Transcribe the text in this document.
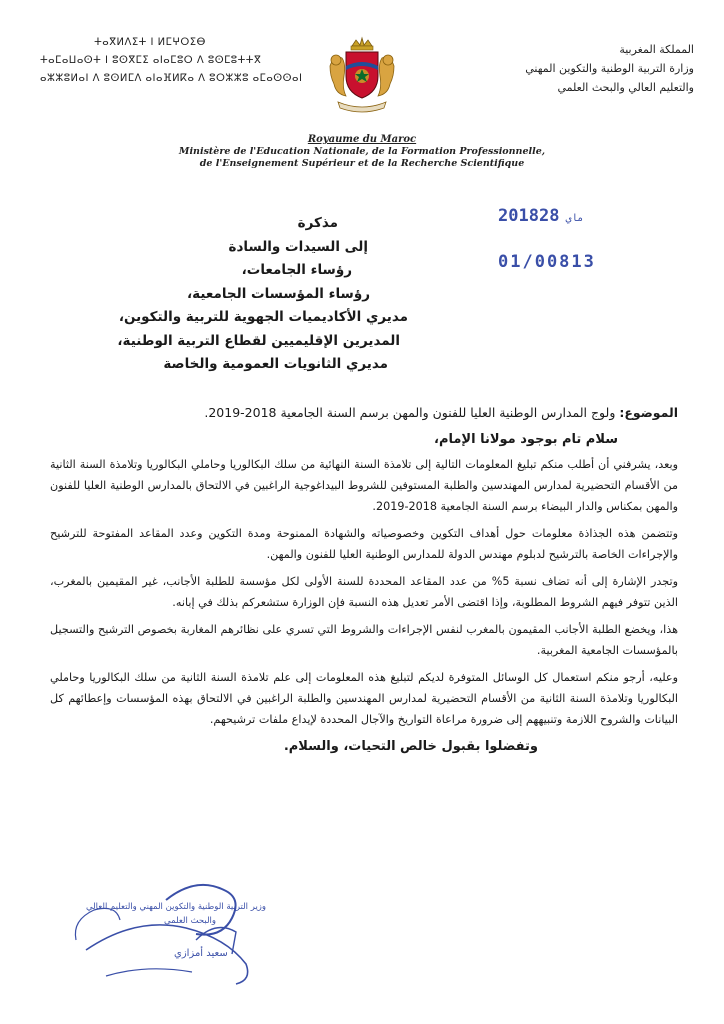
المملكة المغربية
وزارة التربية الوطنية والتكوين المهني
والتعليم العالي والبحث العلمي
ⵜⴰⴳⵍⴷⵉⵜ ⵏ ⵍⵎⵖⵔⵉⴱ
ⵜⴰⵎⴰⵡⴰⵙⵜ ⵏ ⵓⵙⴳⵎⵉ ⴰⵏⴰⵎⵓⵔ ⴷ ⵓⵙⵎⵓⵜⵜⴳ
ⴰⵣⵣⵓⵍⴰⵏ ⴷ ⵓⵙⵍⵎⴷ ⴰⵏⴰⴼⵍⴽⴰ ⴷ ⵓⵔⵣⵣⵓ ⴰⵎⴰⵙⵙⴰⵏ
Royaume du Maroc
Ministère de l'Education Nationale, de la Formation Professionnelle,
de l'Enseignement Supérieur et de la Recherche Scientifique
2018	ماي28
01/00813
مذكرة
إلى السيدات والسادة
رؤساء الجامعات،
رؤساء المؤسسات الجامعية،
مديري الأكاديميات الجهوية للتربية والتكوين،
المديرين الإقليميين لقطاع التربية الوطنية،
مديري الثانويات العمومية والخاصة
الموضوع: ولوج المدارس الوطنية العليا للفنون والمهن برسم السنة الجامعية 2018-2019.
سلام تام بوجود مولانا الإمام،

وبعد، يشرفني أن أطلب منكم تبليغ المعلومات التالية إلى تلامذة السنة النهائية من سلك البكالوريا وحاملي البكالوريا وتلامذة السنة الثانية من الأقسام التحضيرية لمدارس المهندسين والطلبة المستوفين للشروط البيداغوجية الراغبين في الالتحاق بالمدارس الوطنية العليا للفنون والمهن بمكناس والدار البيضاء برسم السنة الجامعية 2018-2019.

وتتضمن هذه الجذاذة معلومات حول أهداف التكوين وخصوصياته والشهادة الممنوحة ومدة التكوين وعدد المقاعد المفتوحة للترشيح والإجراءات الخاصة بالترشيح لدبلوم مهندس الدولة للمدارس الوطنية العليا للفنون والمهن.

وتجدر الإشارة إلى أنه تضاف نسبة 5% من عدد المقاعد المحددة للسنة الأولى لكل مؤسسة للطلبة الأجانب، غير المقيمين بالمغرب، الذين تتوفر فيهم الشروط المطلوبة، وإذا اقتضى الأمر تعديل هذه النسبة فإن الوزارة ستشعركم بذلك في إبانه.

هذا، ويخضع الطلبة الأجانب المقيمون بالمغرب لنفس الإجراءات والشروط التي تسري على نظائرهم المغاربة بخصوص الترشيح والتسجيل بالمؤسسات الجامعية المغربية.

وعليه، أرجو منكم استعمال كل الوسائل المتوفرة لديكم لتبليغ هذه المعلومات إلى علم تلامذة السنة الثانية من سلك البكالوريا وحاملي البكالوريا وتلامذة السنة الثانية من الأقسام التحضيرية لمدارس المهندسين والطلبة الراغبين في الالتحاق بهذه المؤسسات وإعطائهم كل البيانات والشروح اللازمة وتنبيههم إلى ضرورة مراعاة التواريخ والآجال المحددة لإيداع ملفات ترشيحهم.

وتفضلوا بقبول خالص التحيات، والسلام.
وزير التربية الوطنية والتكوين المهني والتعليم العالي
والبحث العلمي
سعيد أمزازي
